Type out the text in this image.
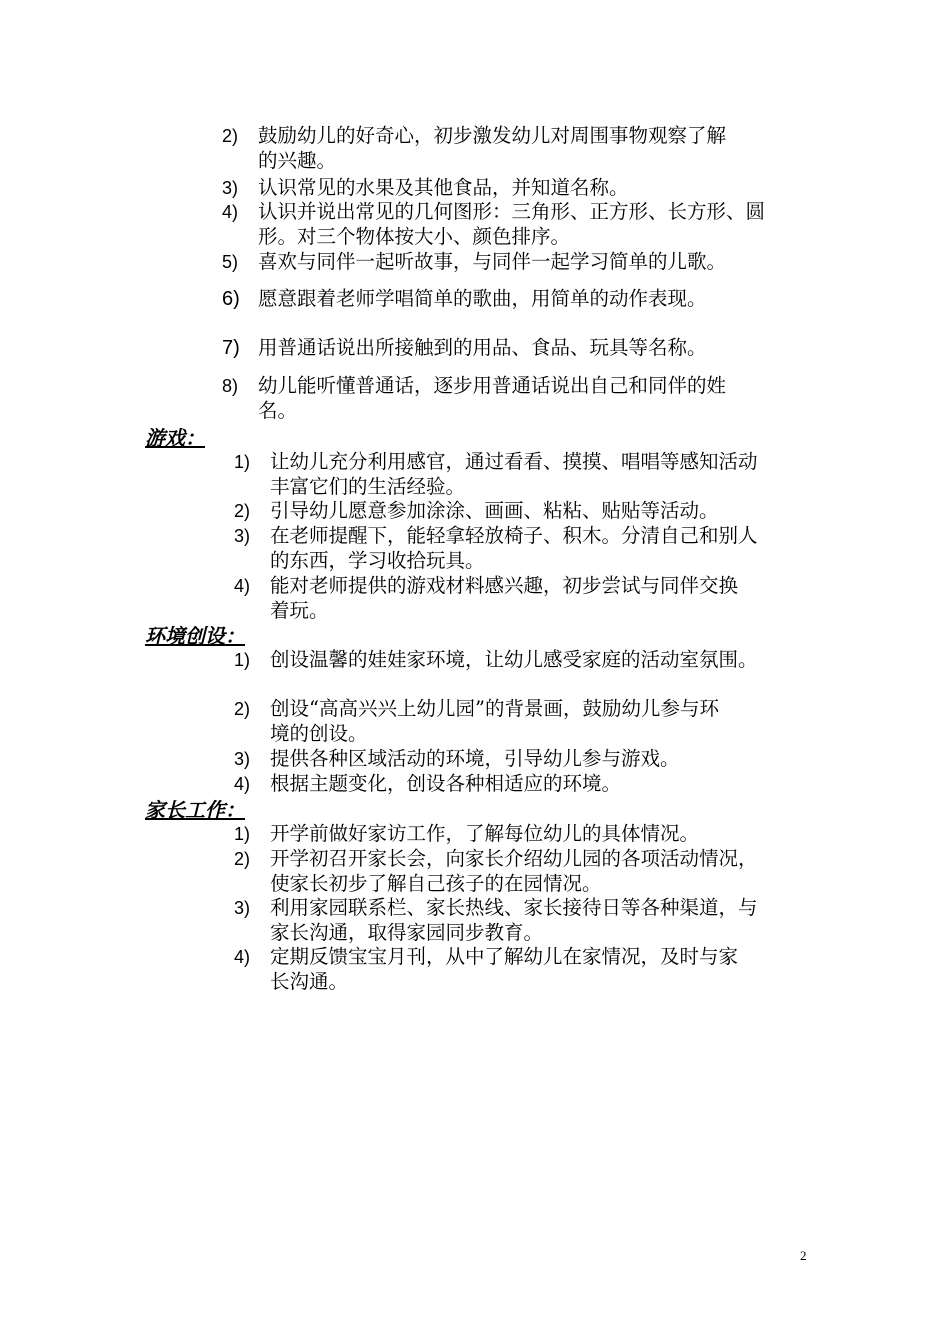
2) 鼓励幼儿的好奇心，初步激发幼儿对周围事物观察了解
的兴趣。
3) 认识常见的水果及其他食品，并知道名称。
4) 认识并说出常见的几何图形：三角形、正方形、长方形、圆
形。对三个物体按大小、颜色排序。
5) 喜欢与同伴一起听故事，与同伴一起学习简单的儿歌。
6) 愿意跟着老师学唱简单的歌曲，用简单的动作表现。
7) 用普通话说出所接触到的用品、食品、玩具等名称。
8) 幼儿能听懂普通话，逐步用普通话说出自己和同伴的姓
名。
游戏：
1) 让幼儿充分利用感官，通过看看、摸摸、唱唱等感知活动
丰富它们的生活经验。
2) 引导幼儿愿意参加涂涂、画画、粘粘、贴贴等活动。
3) 在老师提醒下，能轻拿轻放椅子、积木。分清自己和别人
的东西，学习收拾玩具。
4) 能对老师提供的游戏材料感兴趣，初步尝试与同伴交换
着玩。
环境创设：
1) 创设温馨的娃娃家环境，让幼儿感受家庭的活动室氛围。
2) 创设“高高兴兴上幼儿园”的背景画，鼓励幼儿参与环
境的创设。
3) 提供各种区域活动的环境，引导幼儿参与游戏。
4) 根据主题变化，创设各种相适应的环境。
家长工作：
1) 开学前做好家访工作，了解每位幼儿的具体情况。
2) 开学初召开家长会，向家长介绍幼儿园的各项活动情况，
使家长初步了解自己孩子的在园情况。
3) 利用家园联系栏、家长热线、家长接待日等各种渠道，与
家长沟通，取得家园同步教育。
4) 定期反馈宝宝月刊，从中了解幼儿在家情况，及时与家
长沟通。
2
